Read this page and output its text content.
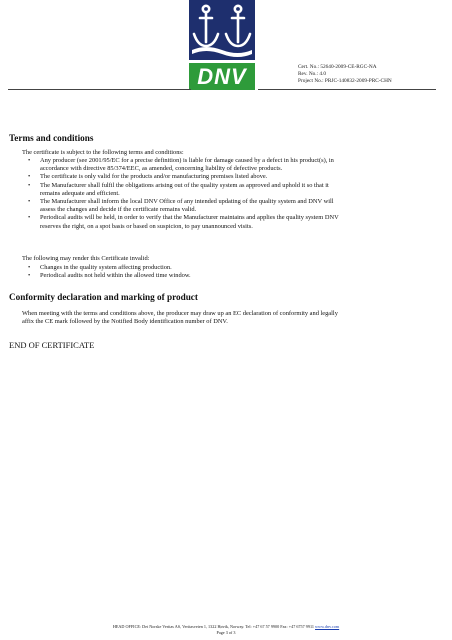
DNV	Cert. No.: 52640-2009-CE-RGC-NA
Rev. No.: 4.0
Project No.: PRJC-140832-2009-PRC-CHN
Terms and conditions

The certificate is subject to the following terms and conditions:

• Any producer (see 2001/95/EC for a precise definition) is liable for damage caused by a defect in his product(s), in
accordance with directive 85/374/EEC, as amended, concerning liability of defective products.
• The certificate is only valid for the products and/or manufacturing premises listed above.
• The Manufacturer shall fulfil the obligations arising out of the quality system as approved and uphold it so that it
remains adequate and efficient.
• The Manufacturer shall inform the local DNV Office of any intended updating of the quality system and DNV will
assess the changes and decide if the certificate remains valid.
• Periodical audits will be held, in order to verify that the Manufacturer maintains and applies the quality system DNV
reserves the right, on a spot basis or based on suspicion, to pay unannounced visits.

The following may render this Certificate invalid:

• Changes in the quality system affecting production.
• Periodical audits not held within the allowed time window.
Conformity declaration and marking of product
When meeting with the terms and conditions above, the producer may draw up an EC declaration of conformity and legally
affix the CE mark followed by the Notified Body identification number of DNV.

END OF CERTIFICATE

HEAD OFFICE: Det Norske Veritas AS, Veritasveien 1, 1322 Høvik, Norway. Tel: +47 67 57 9900 Fax: +47 6757 9911 www.dnv.com
Page 3 of 3
